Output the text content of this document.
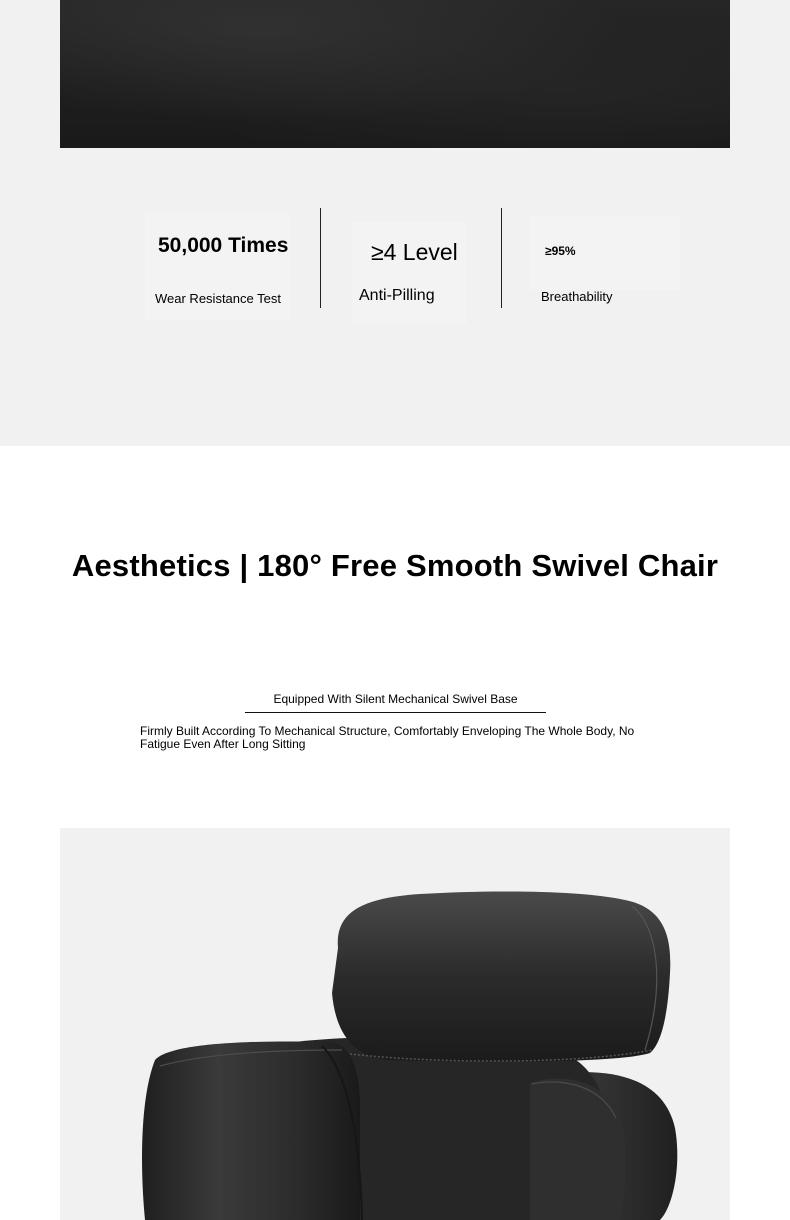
50,000 Times
Wear Resistance Test
≥4 Level
Anti-Pilling
≥95%
Breathability
Aesthetics | 180° Free Smooth Swivel Chair
Equipped With Silent Mechanical Swivel Base
Firmly Built According To Mechanical Structure, Comfortably Enveloping The Whole Body, No Fatigue Even After Long Sitting
